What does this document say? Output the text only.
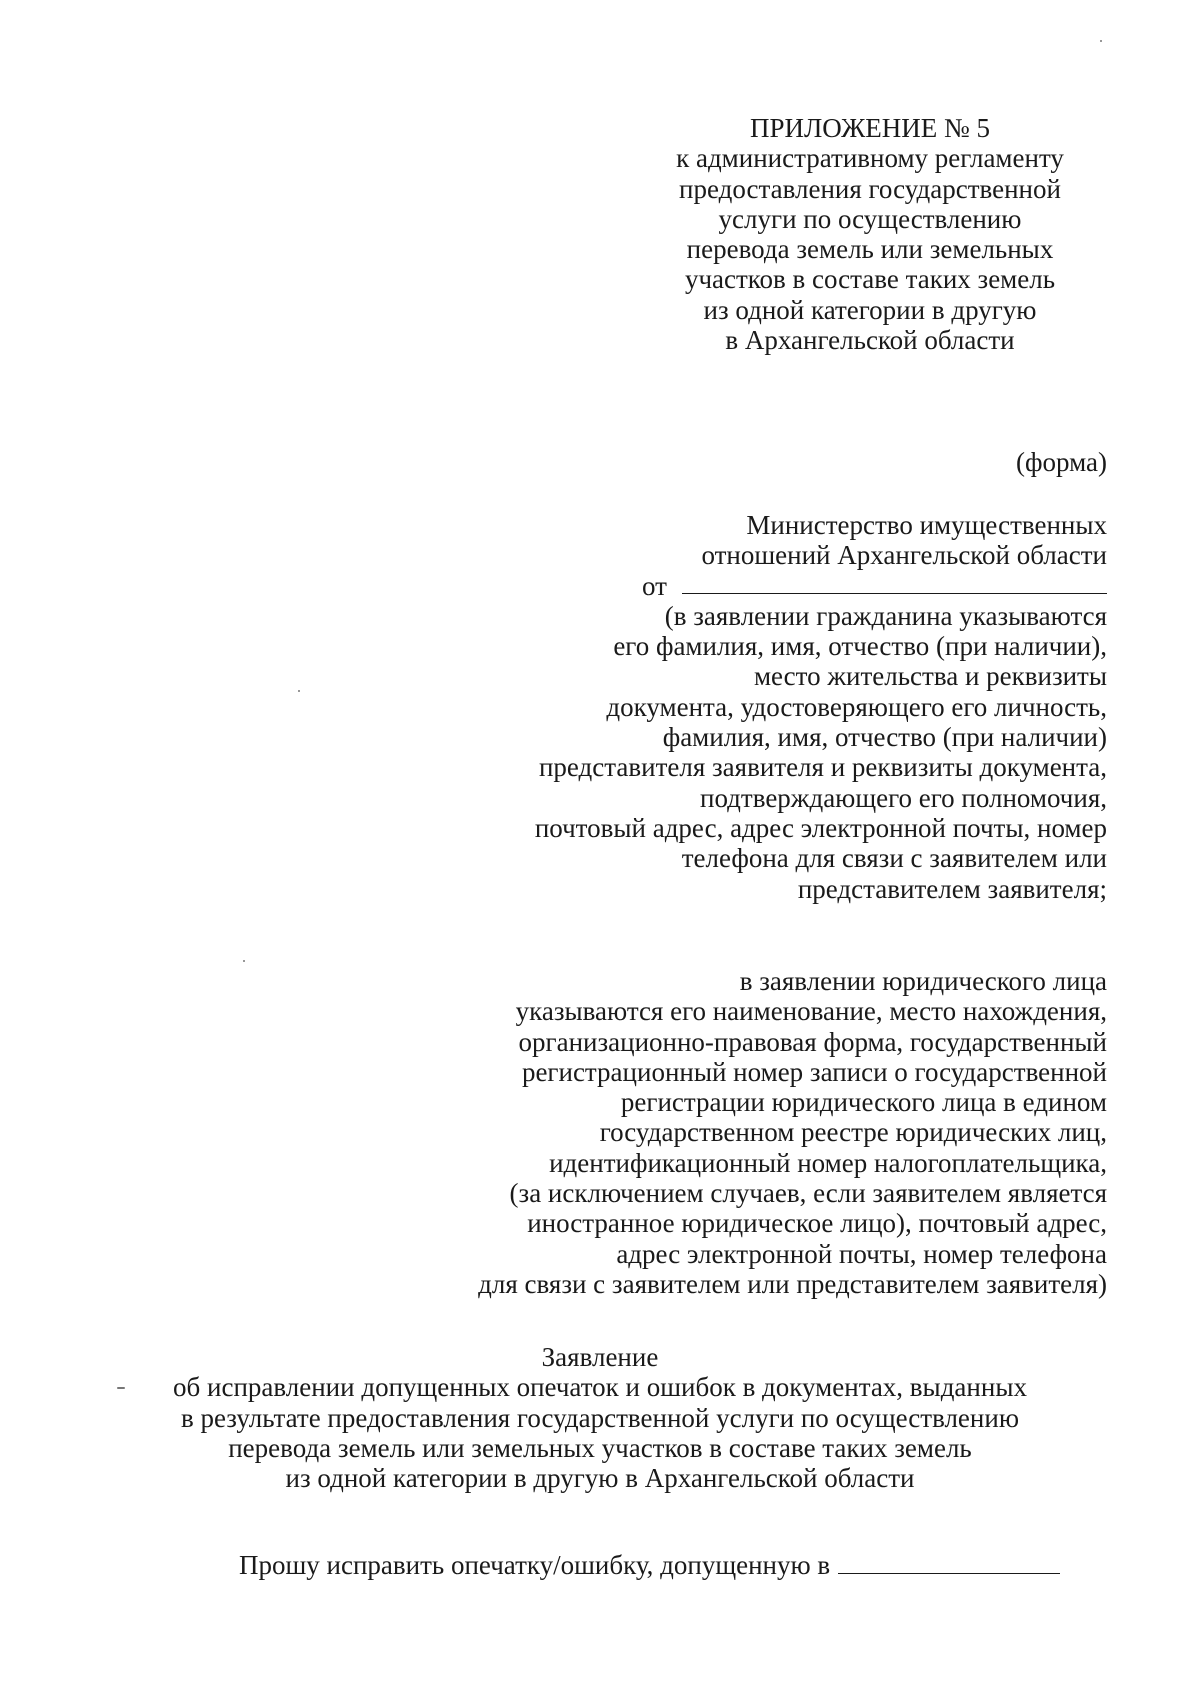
ПРИЛОЖЕНИЕ № 5
к административному регламенту
предоставления государственной
услуги по осуществлению
перевода земель или земельных
участков в составе таких земель
из одной категории в другую
в Архангельской области
(форма)
Министерство имущественных
отношений Архангельской области
от
(в заявлении гражданина указываются
его фамилия, имя, отчество (при наличии),
место жительства и реквизиты
документа, удостоверяющего его личность,
фамилия, имя, отчество (при наличии)
представителя заявителя и реквизиты документа,
подтверждающего его полномочия,
почтовый адрес, адрес электронной почты, номер
телефона для связи с заявителем или
представителем заявителя;
в заявлении юридического лица
указываются его наименование, место нахождения,
организационно-правовая форма, государственный
регистрационный номер записи о государственной
регистрации юридического лица в едином
государственном реестре юридических лиц,
идентификационный номер налогоплательщика,
(за исключением случаев, если заявителем является
иностранное юридическое лицо), почтовый адрес,
адрес электронной почты, номер телефона
для связи с заявителем или представителем заявителя)
Заявление
об исправлении допущенных опечаток и ошибок в документах, выданных
в результате предоставления государственной услуги по осуществлению
перевода земель или земельных участков в составе таких земель
из одной категории в другую в Архангельской области
Прошу исправить опечатку/ошибку, допущенную в
